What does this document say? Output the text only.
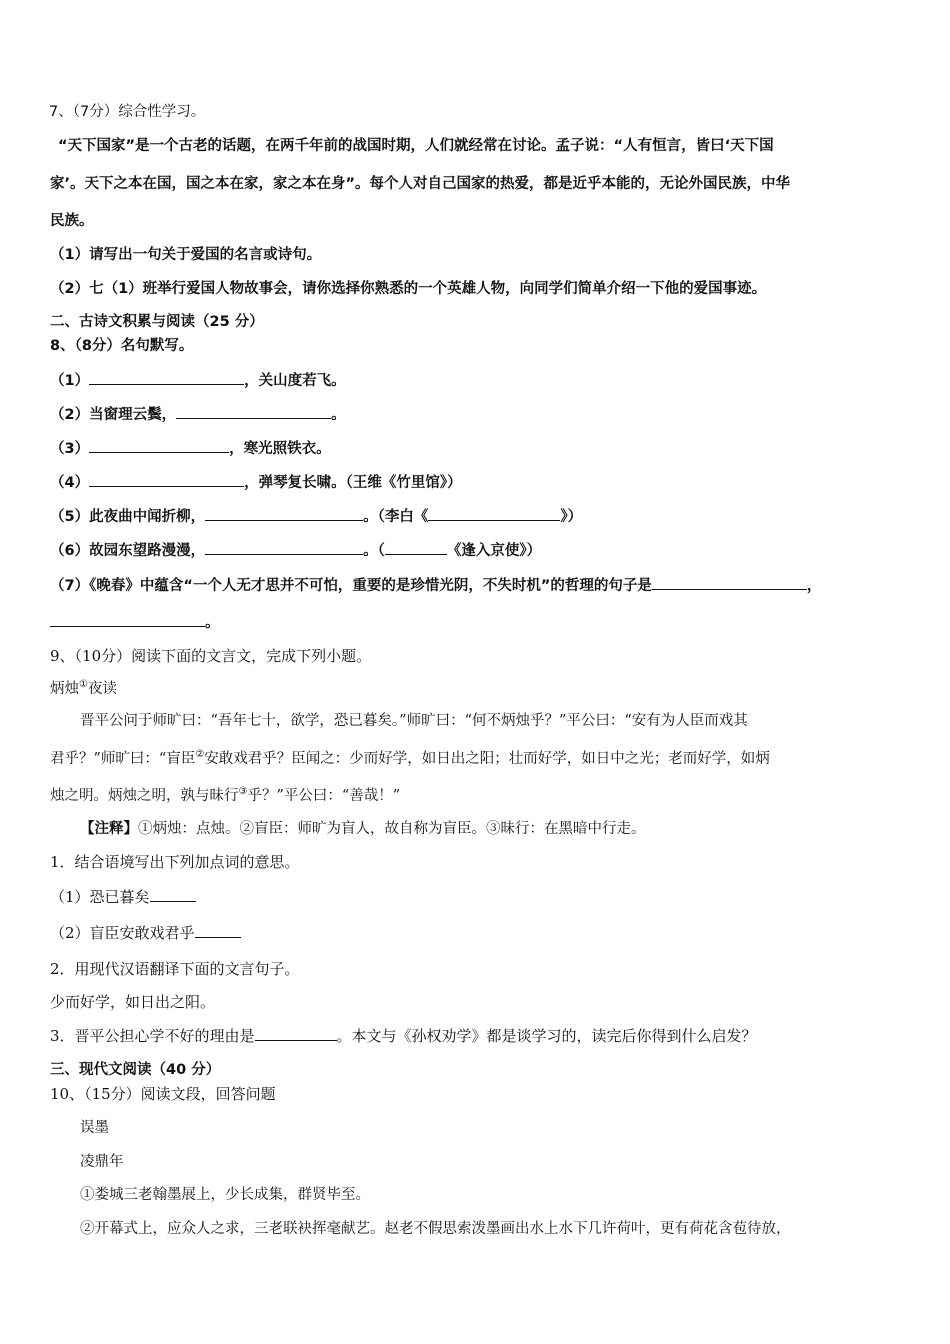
7、（7分）综合性学习。
“天下国家”是一个古老的话题，在两千年前的战国时期，人们就经常在讨论。孟子说：“人有恒言，皆曰‘天下国
家’。天下之本在国，国之本在家，家之本在身”。每个人对自己国家的热爱，都是近乎本能的，无论外国民族，中华
民族。
（1）请写出一句关于爱国的名言或诗句。
（2）七（1）班举行爱国人物故事会，请你选择你熟悉的一个英雄人物，向同学们简单介绍一下他的爱国事迹。
二、古诗文积累与阅读（25 分）
8、（8分）名句默写。
（1）	，关山度若飞。
（2）当窗理云鬓，	。
（3）	，寒光照铁衣。
（4）	，弹琴复长啸。（王维《竹里馆》）
（5）此夜曲中闻折柳，	。（李白《	》）
（6）故园东望路漫漫，	。（	《逢入京使》）
（7）《晚春》中蕴含“一个人无才思并不可怕，重要的是珍惜光阴，不失时机”的哲理的句子是	，
。
9、（10分）阅读下面的文言文，完成下列小题。
炳烛①夜读
晋平公问于师旷曰：“吾年七十，欲学，恐已暮矣。”师旷曰：“何不炳烛乎？”平公曰：“安有为人臣而戏其
君乎？”师旷曰：“盲臣②安敢戏君乎？臣闻之：少而好学，如日出之阳；壮而好学，如日中之光；老而好学，如炳
烛之明。炳烛之明，孰与昧行③乎？”平公曰：“善哉！”
【注释】①炳烛：点烛。②盲臣：师旷为盲人，故自称为盲臣。③昧行：在黑暗中行走。
1．结合语境写出下列加点词的意思。
（1）恐已暮矣
（2）盲臣安敢戏君乎
2．用现代汉语翻译下面的文言句子。
少而好学，如日出之阳。
3．晋平公担心学不好的理由是	。本文与《孙权劝学》都是谈学习的，读完后你得到什么启发？
三、现代文阅读（40 分）
10、（15分）阅读文段，回答问题
误墨
凌鼎年
①娄城三老翰墨展上，少长成集，群贤毕至。
②开幕式上，应众人之求，三老联袂挥毫献艺。赵老不假思索泼墨画出水上水下几许荷叶，更有荷花含苞待放，
